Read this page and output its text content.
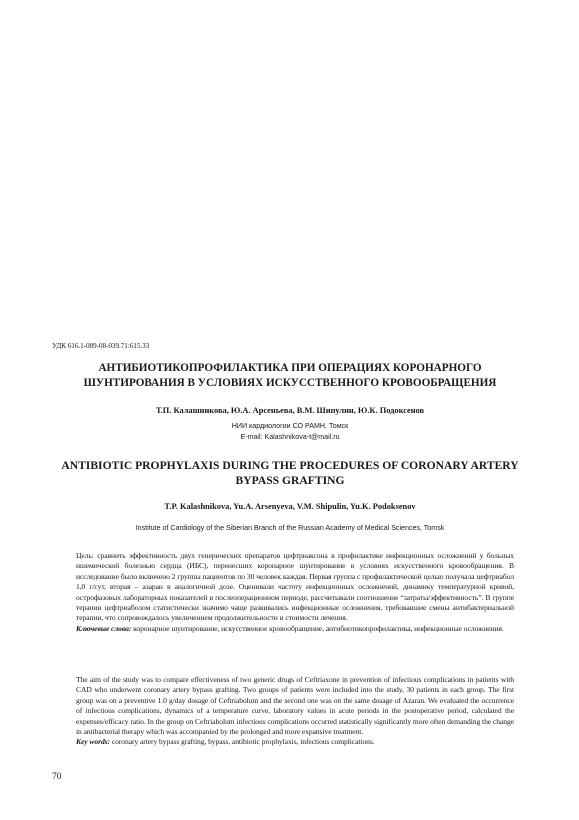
УДК 616.1-089-08-039.71:615.33
АНТИБИОТИКОПРОФИЛАКТИКА ПРИ ОПЕРАЦИЯХ КОРОНАРНОГО
ШУНТИРОВАНИЯ В УСЛОВИЯХ ИСКУССТВЕННОГО КРОВООБРАЩЕНИЯ
Т.П. Калашникова, Ю.А. Арсеньева, В.М. Шипулин, Ю.К. Подоксенов
НИИ кардиологии СО РАМН, Томск
E-mail: Kalashnikova-t@mail.ru
ANTIBIOTIC PROPHYLAXIS DURING THE PROCEDURES OF CORONARY ARTERY
BYPASS GRAFTING
T.P. Kalashnikova, Yu.A. Arsenyeva, V.M. Shipulin, Yu.K. Podoksenov
Institute of Cardiology of the Siberian Branch of the Russian Academy of Medical Sciences, Tomsk

Цель: сравнить эффективность двух генерических препаратов цефтриаксона в профилактике инфекционных осложнений у больных ишемической болезнью сердца (ИБС), перенесших коронарное шунтирование в условиях искусственного кровообращения. В исследование было включено 2 группы пациентов по 30 человек каждая. Первая группа с профилактической целью получала цефтриабол 1,0 г/сут, вторая – азаран в аналогичной дозе. Оценивали частоту инфекционных осложнений, динамику температурной кривой, острофазовых лабораторных показателей в послеоперационном периоде, рассчитывали соотношение “затраты/эффективность”. В группе терапии цефтриаболом статистически значимо чаще развивались инфекционные осложнения, требовавшие смены антибактериальной терапии, что сопровождалось увеличением продолжительности и стоимости лечения.

Ключевые слова: коронарное шунтирование, искусственное кровообращение, антибиотикопрофилактика, инфекционные осложнения.

The aim of the study was to compare effectiveness of two generic drugs of Ceftriaxone in prevention of infectious complications in patients with CAD who underwent coronary artery bypass grafting. Two groups of patients were included into the study, 30 patients in each group. The first group was on a preventive 1.0 g/day dosage of Ceftriabolum and the second one was on the same dosage of Azaran. We evaluated the occurrence of infectious complications, dynamics of a temperature curve, laboratory values in acute periods in the postoperative period, calculated the expenses/efficacy ratio. In the group on Ceftriabolum infectious complications occurred statistically significantly more often demanding the change in antibacterial therapy which was accompanied by the prolonged and more expansive treatment.

Key words: coronary artery bypass grafting, bypass, antibiotic prophylaxis, infectious complications.

70
